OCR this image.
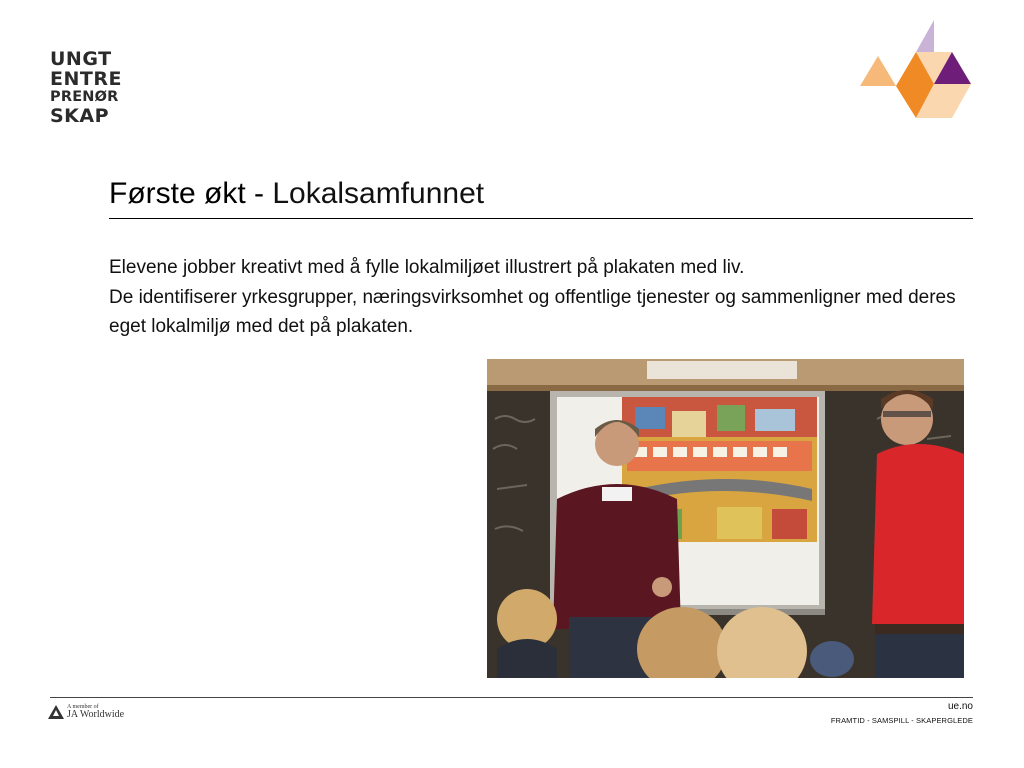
UNGT
ENTRE
PRENØR
SKAP
Første økt - Lokalsamfunnet

Elevene jobber kreativt med å fylle lokalmiljøet illustrert på plakaten med liv.

De identifiserer yrkesgrupper, næringsvirksomhet og offentlige tjenester og sammenligner med deres eget lokalmiljø med det på plakaten.

A member of
JA Worldwide
ue.no
FRAMTID - SAMSPILL - SKAPERGLEDE
